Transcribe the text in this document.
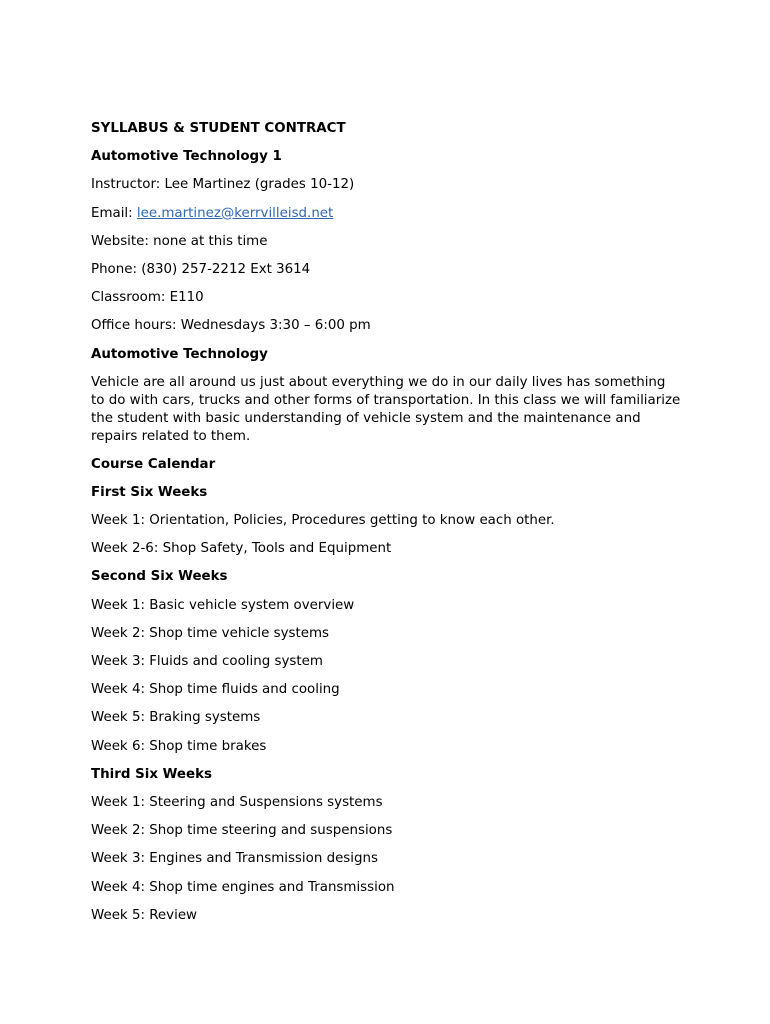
SYLLABUS & STUDENT CONTRACT

Automotive Technology 1

Instructor: Lee Martinez (grades 10-12)

Email: lee.martinez@kerrvilleisd.net

Website: none at this time

Phone: (830) 257-2212 Ext 3614

Classroom: E110

Office hours: Wednesdays 3:30 – 6:00 pm

Automotive Technology

Vehicle are all around us just about everything we do in our daily lives has something to do with cars, trucks and other forms of transportation. In this class we will familiarize the student with basic understanding of vehicle system and the maintenance and repairs related to them.

Course Calendar

First Six Weeks

Week 1: Orientation, Policies, Procedures getting to know each other.

Week 2-6: Shop Safety, Tools and Equipment

Second Six Weeks

Week 1: Basic vehicle system overview

Week 2: Shop time vehicle systems

Week 3: Fluids and cooling system

Week 4: Shop time fluids and cooling

Week 5: Braking systems

Week 6: Shop time brakes

Third Six Weeks

Week 1: Steering and Suspensions systems

Week 2: Shop time steering and suspensions

Week 3: Engines and Transmission designs

Week 4: Shop time engines and Transmission

Week 5: Review
